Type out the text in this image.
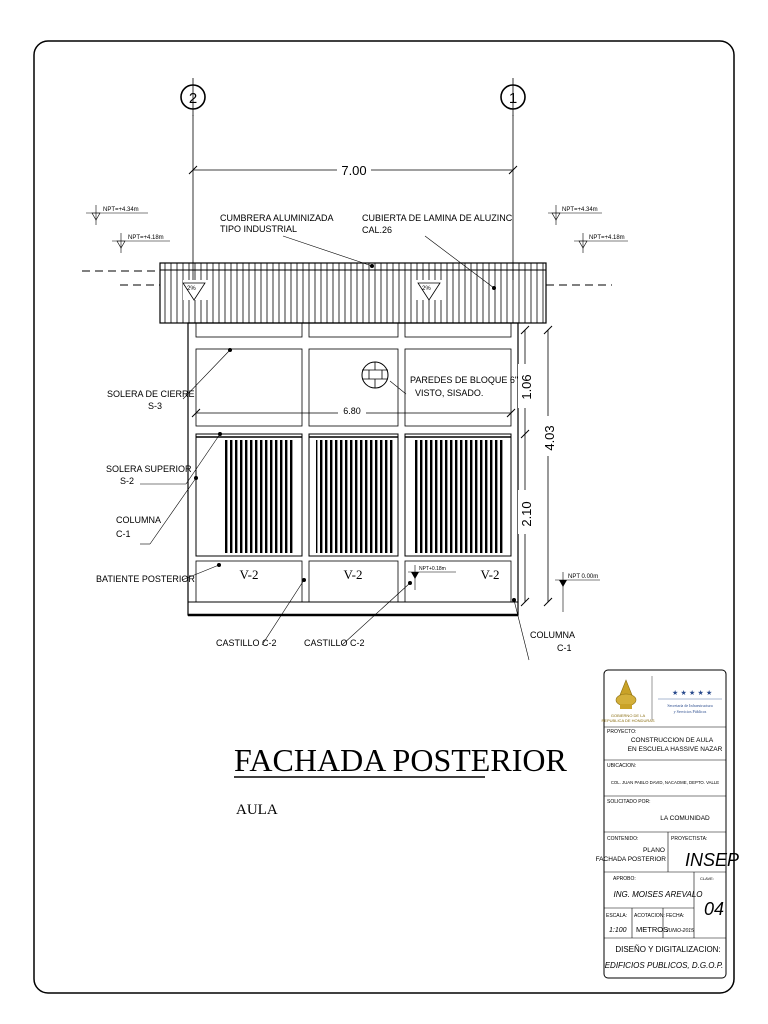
2	1
7.00
NPT=+4.34m
NPT=+4.18m
NPT=+4.34m
NPT=+4.18m
2%	2%
V-2	V-2	V-2
6.80
1.06
2.10
4.03
NPT 0.00m
NPT+0.18m
CUMBRERA ALUMINIZADA
TIPO INDUSTRIAL
CUBIERTA DE LAMINA DE ALUZINC
CAL.26
PAREDES DE BLOQUE 6"
VISTO, SISADO.
SOLERA DE CIERRE
S-3
SOLERA SUPERIOR
S-2
COLUMNA
C-1
BATIENTE POSTERIOR
CASTILLO C-2	CASTILLO C-2
COLUMNA
C-1
FACHADA POSTERIOR
AULA
GOBIERNO DE LA
REPUBLICA DE HONDURAS
★ ★ ★ ★ ★
Secretaría de Infraestructura
y Servicios Públicos
PROYECTO:
CONSTRUCCION DE AULA
EN ESCUELA HASSIVE NAZAR
UBICACION:
COL. JUAN PABLO DAVID, NACAOME, DEPTO. VALLE
SOLICITADO POR:
LA COMUNIDAD
CONTENIDO:
PLANO
FACHADA POSTERIOR
PROYECTISTA:
INSEP
APROBO:
ING. MOISES AREVALO
CLAVE:
04
ESCALA:
1:100
ACOTACION:
METROS
FECHA:
JUNIO-2015
DISEÑO Y DIGITALIZACION:
EDIFICIOS PUBLICOS, D.G.O.P.
